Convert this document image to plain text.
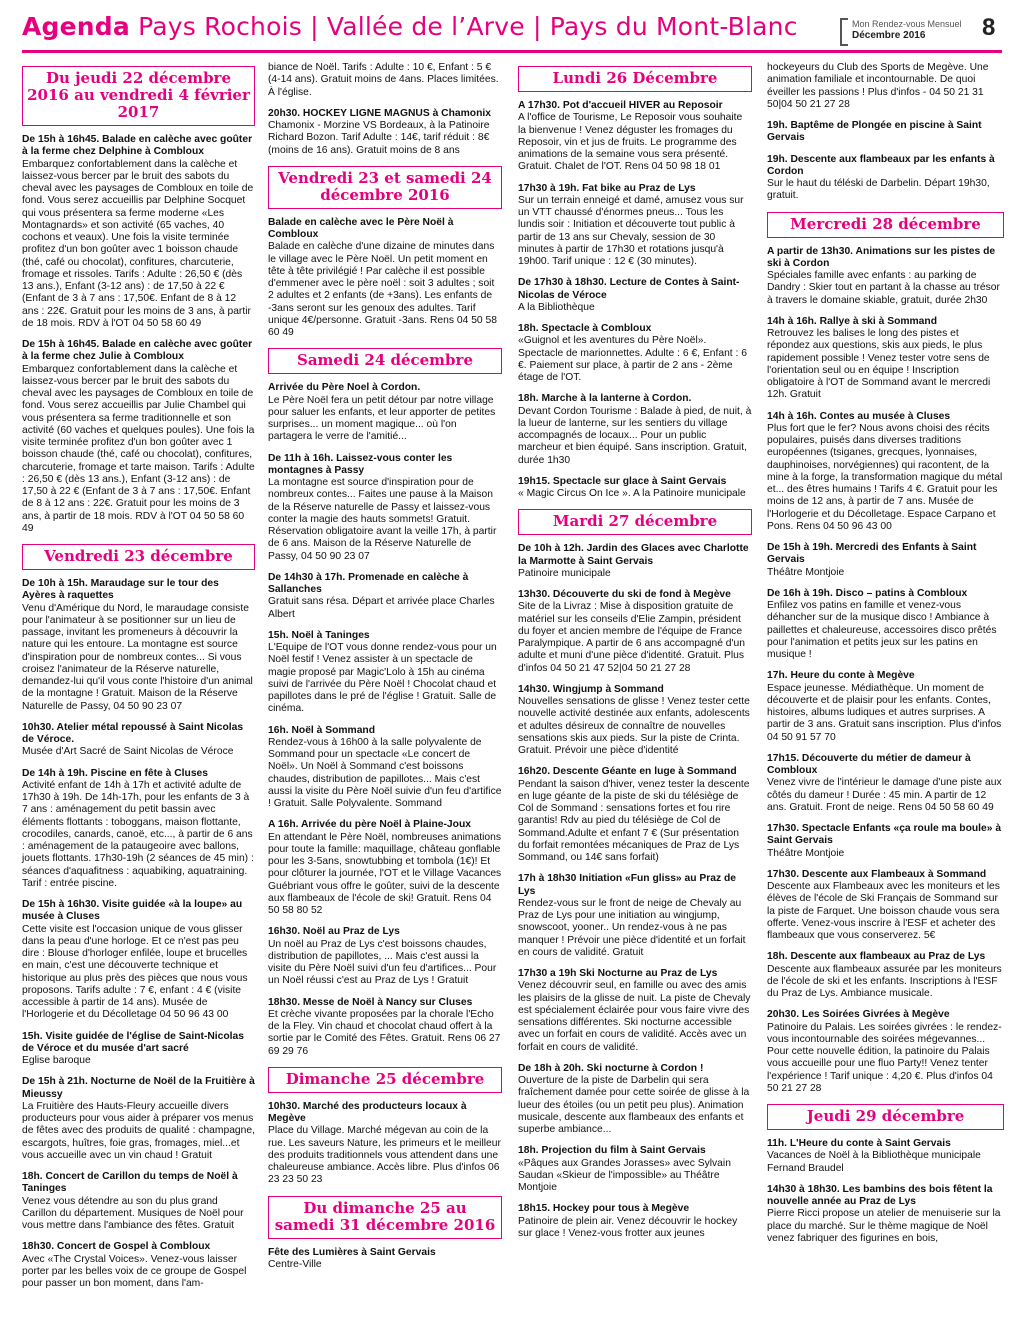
Agenda Pays Rochois | Vallée de l’Arve | Pays du Mont-Blanc	Mon Rendez-vous Mensuel
Décembre 2016	8
Du jeudi 22 décembre 2016 au vendredi 4 février 2017
De 15h à 16h45. Balade en calèche avec goûter à la ferme chez Delphine à Combloux
Embarquez confortablement dans la calèche et laissez-vous bercer par le bruit des sabots du cheval avec les paysages de Combloux en toile de fond. Vous serez accueillis par Delphine Socquet qui vous présentera sa ferme moderne «Les Montagnards» et son activité (65 vaches, 40 cochons et veaux). Une fois la visite terminée profitez d'un bon goûter avec 1 boisson chaude (thé, café ou chocolat), confitures, charcuterie, fromage et rissoles. Tarifs : Adulte : 26,50 € (dès 13 ans.), Enfant (3-12 ans) : de 17,50 à 22 € (Enfant de 3 à 7 ans : 17,50€. Enfant de 8 à 12 ans : 22€. Gratuit pour les moins de 3 ans, à partir de 18 mois. RDV à l'OT 04 50 58 60 49
De 15h à 16h45. Balade en calèche avec goûter à la ferme chez Julie à Combloux
Embarquez confortablement dans la calèche et laissez-vous bercer par le bruit des sabots du cheval avec les paysages de Combloux en toile de fond. Vous serez accueillis par Julie Chambel qui vous présentera sa ferme traditionnelle et son activité (60 vaches et quelques poules). Une fois la visite terminée profitez d'un bon goûter avec 1 boisson chaude (thé, café ou chocolat), confitures, charcuterie, fromage et tarte maison. Tarifs : Adulte : 26,50 € (dès 13 ans.), Enfant (3-12 ans) : de 17,50 à 22 € (Enfant de 3 à 7 ans : 17,50€. Enfant de 8 à 12 ans : 22€. Gratuit pour les moins de 3 ans, à partir de 18 mois. RDV à l'OT 04 50 58 60 49
Vendredi 23 décembre
De 10h à 15h. Maraudage sur le tour des Ayères à raquettes
Venu d'Amérique du Nord, le maraudage consiste pour l'animateur à se positionner sur un lieu de passage, invitant les promeneurs à découvrir la nature qui les entoure. La montagne est source d'inspiration pour de nombreux contes... Si vous croisez l'animateur de la Réserve naturelle, demandez-lui qu'il vous conte l'histoire d'un animal de la montagne ! Gratuit. Maison de la Réserve Naturelle de Passy, 04 50 90 23 07
10h30. Atelier métal repoussé à Saint Nicolas de Véroce.
Musée d'Art Sacré de Saint Nicolas de Véroce
De 14h à 19h. Piscine en fête à Cluses
Activité enfant de 14h à 17h et activité adulte de 17h30 à 19h. De 14h-17h, pour les enfants de 3 à 7 ans : aménagement du petit bassin avec éléments flottants : toboggans, maison flottante, crocodiles, canards, canoë, etc..., à partir de 6 ans : aménagement de la pataugeoire avec ballons, jouets flottants. 17h30-19h (2 séances de 45 min) : séances d'aquafitness : aquabiking, aquatraining. Tarif : entrée piscine.
De 15h à 16h30. Visite guidée «à la loupe» au musée à Cluses
Cette visite est l'occasion unique de vous glisser dans la peau d'une horloge. Et ce n'est pas peu dire : Blouse d'horloger enfilée, loupe et brucelles en main, c'est une découverte technique et historique au plus près des pièces que nous vous proposons. Tarifs adulte : 7 €, enfant : 4 € (visite accessible à partir de 14 ans). Musée de l'Horlogerie et du Décolletage 04 50 96 43 00
15h. Visite guidée de l'église de Saint-Nicolas de Véroce et du musée d'art sacré
Eglise baroque
De 15h à 21h. Nocturne de Noël de la Fruitière à Mieussy
La Fruitière des Hauts-Fleury accueille divers producteurs pour vous aider à préparer vos menus de fêtes avec des produits de qualité : champagne, escargots, huîtres, foie gras, fromages, miel...et vous accueille avec un vin chaud ! Gratuit
18h. Concert de Carillon du temps de Noël à Taninges
Venez vous détendre au son du plus grand Carillon du département. Musiques de Noël pour vous mettre dans l'ambiance des fêtes. Gratuit
18h30. Concert de Gospel à Combloux
Avec «The Crystal Voices». Venez-vous laisser porter par les belles voix de ce groupe de Gospel pour passer un bon moment, dans l'am-
biance de Noël. Tarifs : Adulte : 10 €, Enfant : 5 € (4-14 ans). Gratuit moins de 4ans. Places limitées. À l'église.
20h30. HOCKEY LIGNE MAGNUS à Chamonix
Chamonix - Morzine VS Bordeaux, à la Patinoire Richard Bozon. Tarif Adulte : 14€, tarif réduit : 8€ (moins de 16 ans). Gratuit moins de 8 ans
Vendredi 23 et samedi 24 décembre 2016
Balade en calèche avec le Père Noël à Combloux
Balade en calèche d'une dizaine de minutes dans le village avec le Père Noël. Un petit moment en tête à tête privilégié ! Par calèche il est possible d'emmener avec le père noël : soit 3 adultes ; soit 2 adultes et 2 enfants (de +3ans). Les enfants de -3ans seront sur les genoux des adultes. Tarif unique 4€/personne. Gratuit -3ans. Rens 04 50 58 60 49
Samedi 24 décembre
Arrivée du Père Noel à Cordon.
Le Père Noël fera un petit détour par notre village pour saluer les enfants, et leur apporter de petites surprises... un moment magique... où l'on partagera le verre de l'amitié...
De 11h à 16h. Laissez-vous conter les montagnes à Passy
La montagne est source d'inspiration pour de nombreux contes... Faites une pause à la Maison de la Réserve naturelle de Passy et laissez-vous conter la magie des hauts sommets! Gratuit. Réservation obligatoire avant la veille 17h, à partir de 6 ans. Maison de la Réserve Naturelle de Passy, 04 50 90 23 07
De 14h30 à 17h. Promenade en calèche à Sallanches
Gratuit sans résa. Départ et arrivée place Charles Albert
15h. Noël à Taninges
L'Equipe de l'OT vous donne rendez-vous pour un Noël festif ! Venez assister à un spectacle de magie proposé par Magic'Lolo à 15h au cinéma suivi de l'arrivée du Père Noël ! Chocolat chaud et papillotes dans le pré de l'église ! Gratuit. Salle de cinéma.
16h. Noël à Sommand
Rendez-vous à 16h00 à la salle polyvalente de Sommand pour un spectacle «Le concert de Noël». Un Noël à Sommand c'est boissons chaudes, distribution de papillotes... Mais c'est aussi la visite du Père Noël suivie d'un feu d'artifice ! Gratuit. Salle Polyvalente. Sommand
A 16h. Arrivée du père Noël à Plaine-Joux
En attendant le Père Noël, nombreuses animations pour toute la famille: maquillage, château gonflable pour les 3-5ans, snowtubbing et tombola (1€)! Et pour clôturer la journée, l'OT et le Village Vacances Guébriant vous offre le goûter, suivi de la descente aux flambeaux de l'école de ski! Gratuit. Rens 04 50 58 80 52
16h30. Noël au Praz de Lys
Un noël au Praz de Lys c'est boissons chaudes, distribution de papillotes, ... Mais c'est aussi la visite du Père Noël suivi d'un feu d'artifices... Pour un Noël réussi c'est au Praz de Lys ! Gratuit
18h30. Messe de Noël à Nancy sur Cluses
Et crèche vivante proposées par la chorale l'Echo de la Fley. Vin chaud et chocolat chaud offert à la sortie par le Comité des Fêtes. Gratuit. Rens 06 27 69 29 76
Dimanche 25 décembre
10h30. Marché des producteurs locaux à Megève
Place du Village. Marché mégevan au coin de la rue. Les saveurs Nature, les primeurs et le meilleur des produits traditionnels vous attendent dans une chaleureuse ambiance. Accès libre. Plus d'infos 06 23 23 50 23
Du dimanche 25 au samedi 31 décembre 2016
Fête des Lumières à Saint Gervais
Centre-Ville
Lundi 26 Décembre
A 17h30. Pot d'accueil HIVER au Reposoir
A l'office de Tourisme, Le Reposoir vous souhaite la bienvenue ! Venez déguster les fromages du Reposoir, vin et jus de fruits. Le programme des animations de la semaine vous sera présenté. Gratuit. Chalet de l'OT. Rens 04 50 98 18 01
17h30 à 19h. Fat bike au Praz de Lys
Sur un terrain enneigé et damé, amusez vous sur un VTT chaussé d'énormes pneus... Tous les lundis soir : Initiation et découverte tout public à partir de 13 ans sur Chevaly, session de 30 minutes à partir de 17h30 et rotations jusqu'à 19h00. Tarif unique : 12 € (30 minutes).
De 17h30 à 18h30. Lecture de Contes à Saint-Nicolas de Véroce
A la Bibliothèque
18h. Spectacle à Combloux
«Guignol et les aventures du Père Noël». Spectacle de marionnettes. Adulte : 6 €, Enfant : 6 €. Paiement sur place, à partir de 2 ans - 2ème étage de l'OT.
18h. Marche à la lanterne à Cordon.
Devant Cordon Tourisme : Balade à pied, de nuit, à la lueur de lanterne, sur les sentiers du village accompagnés de locaux... Pour un public marcheur et bien équipé. Sans inscription. Gratuit, durée 1h30
19h15. Spectacle sur glace à Saint Gervais
« Magic Circus On Ice ». A la Patinoire municipale
Mardi 27 décembre
De 10h à 12h. Jardin des Glaces avec Charlotte la Marmotte à Saint Gervais
Patinoire municipale
13h30. Découverte du ski de fond à Megève
Site de la Livraz : Mise à disposition gratuite de matériel sur les conseils d'Elie Zampin, président du foyer et ancien membre de l'équipe de France Paralympique. A partir de 6 ans accompagné d'un adulte et muni d'une pièce d'identité. Gratuit. Plus d'infos 04 50 21 47 52|04 50 21 27 28
14h30. Wingjump à Sommand
Nouvelles sensations de glisse ! Venez tester cette nouvelle activité destinée aux enfants, adolescents et adultes désireux de connaître de nouvelles sensations skis aux pieds. Sur la piste de Crinta. Gratuit. Prévoir une pièce d'identité
16h20. Descente Géante en luge à Sommand
Pendant la saison d'hiver, venez tester la descente en luge géante de la piste de ski du télésiège de Col de Sommand : sensations fortes et fou rire garantis! Rdv au pied du télésiège de Col de Sommand.Adulte et enfant 7 € (Sur présentation du forfait remontées mécaniques de Praz de Lys Sommand, ou 14€ sans forfait)
17h à 18h30 Initiation «Fun gliss» au Praz de Lys
Rendez-vous sur le front de neige de Chevaly au Praz de Lys pour une initiation au wingjump, snowscoot, yooner.. Un rendez-vous à ne pas manquer ! Prévoir une pièce d'identité et un forfait en cours de validité. Gratuit
17h30 a 19h Ski Nocturne au Praz de Lys
Venez découvrir seul, en famille ou avec des amis les plaisirs de la glisse de nuit. La piste de Chevaly est spécialement éclairée pour vous faire vivre des sensations différentes. Ski nocturne accessible avec un forfait en cours de validité. Accès avec un forfait en cours de validité.
De 18h à 20h. Ski nocturne à Cordon !
Ouverture de la piste de Darbelin qui sera fraîchement damée pour cette soirée de glisse à la lueur des étoiles (ou un petit peu plus). Animation musicale, descente aux flambeaux des enfants et superbe ambiance...
18h. Projection du film à Saint Gervais
«Pâques aux Grandes Jorasses» avec Sylvain Saudan «Skieur de l'impossible» au Théâtre Montjoie
18h15. Hockey pour tous à Megève
Patinoire de plein air. Venez découvrir le hockey sur glace ! Venez-vous frotter aux jeunes
hockeyeurs du Club des Sports de Megève. Une animation familiale et incontournable. De quoi éveiller les passions ! Plus d'infos - 04 50 21 31 50|04 50 21 27 28
19h. Baptême de Plongée en piscine à Saint Gervais
19h. Descente aux flambeaux par les enfants à Cordon
Sur le haut du téléski de Darbelin. Départ 19h30, gratuit.
Mercredi 28 décembre
A partir de 13h30. Animations sur les pistes de ski à Cordon
Spéciales famille avec enfants : au parking de Dandry : Skier tout en partant à la chasse au trésor à travers le domaine skiable, gratuit, durée 2h30
14h à 16h. Rallye à ski à Sommand
Retrouvez les balises le long des pistes et répondez aux questions, skis aux pieds, le plus rapidement possible ! Venez tester votre sens de l'orientation seul ou en équipe ! Inscription obligatoire à l'OT de Sommand avant le mercredi 12h. Gratuit
14h à 16h. Contes au musée à Cluses
Plus fort que le fer? Nous avons choisi des récits populaires, puisés dans diverses traditions européennes (tsiganes, grecques, lyonnaises, dauphinoises, norvégiennes) qui racontent, de la mine à la forge, la transformation magique du métal et... des êtres humains ! Tarifs 4 €. Gratuit pour les moins de 12 ans, à partir de 7 ans. Musée de l'Horlogerie et du Décolletage. Espace Carpano et Pons. Rens 04 50 96 43 00
De 15h à 19h. Mercredi des Enfants à Saint Gervais
Théâtre Montjoie
De 16h à 19h. Disco – patins à Combloux
Enfilez vos patins en famille et venez-vous déhancher sur de la musique disco ! Ambiance à paillettes et chaleureuse, accessoires disco prêtés pour l'animation et petits jeux sur les patins en musique !
17h. Heure du conte à Megève
Espace jeunesse. Médiathèque. Un moment de découverte et de plaisir pour les enfants. Contes, histoires, albums ludiques et autres surprises. A partir de 3 ans. Gratuit sans inscription. Plus d'infos 04 50 91 57 70
17h15. Découverte du métier de dameur à Combloux
Venez vivre de l'intérieur le damage d'une piste aux côtés du dameur ! Durée : 45 min. A partir de 12 ans. Gratuit. Front de neige. Rens 04 50 58 60 49
17h30. Spectacle Enfants «ça roule ma boule» à Saint Gervais
Théâtre Montjoie
17h30. Descente aux Flambeaux à Sommand
Descente aux Flambeaux avec les moniteurs et les élèves de l'école de Ski Français de Sommand sur la piste de Farquet. Une boisson chaude vous sera offerte. Venez-vous inscrire à l'ESF et acheter des flambeaux que vous conserverez. 5€
18h. Descente aux flambeaux au Praz de Lys
Descente aux flambeaux assurée par les moniteurs de l'école de ski et les enfants. Inscriptions à l'ESF du Praz de Lys. Ambiance musicale.
20h30. Les Soirées Givrées à Megève
Patinoire du Palais. Les soirées givrées : le rendez-vous incontournable des soirées mégevannes... Pour cette nouvelle édition, la patinoire du Palais vous accueille pour une fluo Party!! Venez tenter l'expérience ! Tarif unique : 4,20 €. Plus d'infos 04 50 21 27 28
Jeudi 29 décembre
11h. L'Heure du conte à Saint Gervais
Vacances de Noël à la Bibliothèque municipale Fernand Braudel
14h30 à 18h30. Les bambins des bois fêtent la nouvelle année au Praz de Lys
Pierre Ricci propose un atelier de menuiserie sur la place du marché. Sur le thème magique de Noël venez fabriquer des figurines en bois,
